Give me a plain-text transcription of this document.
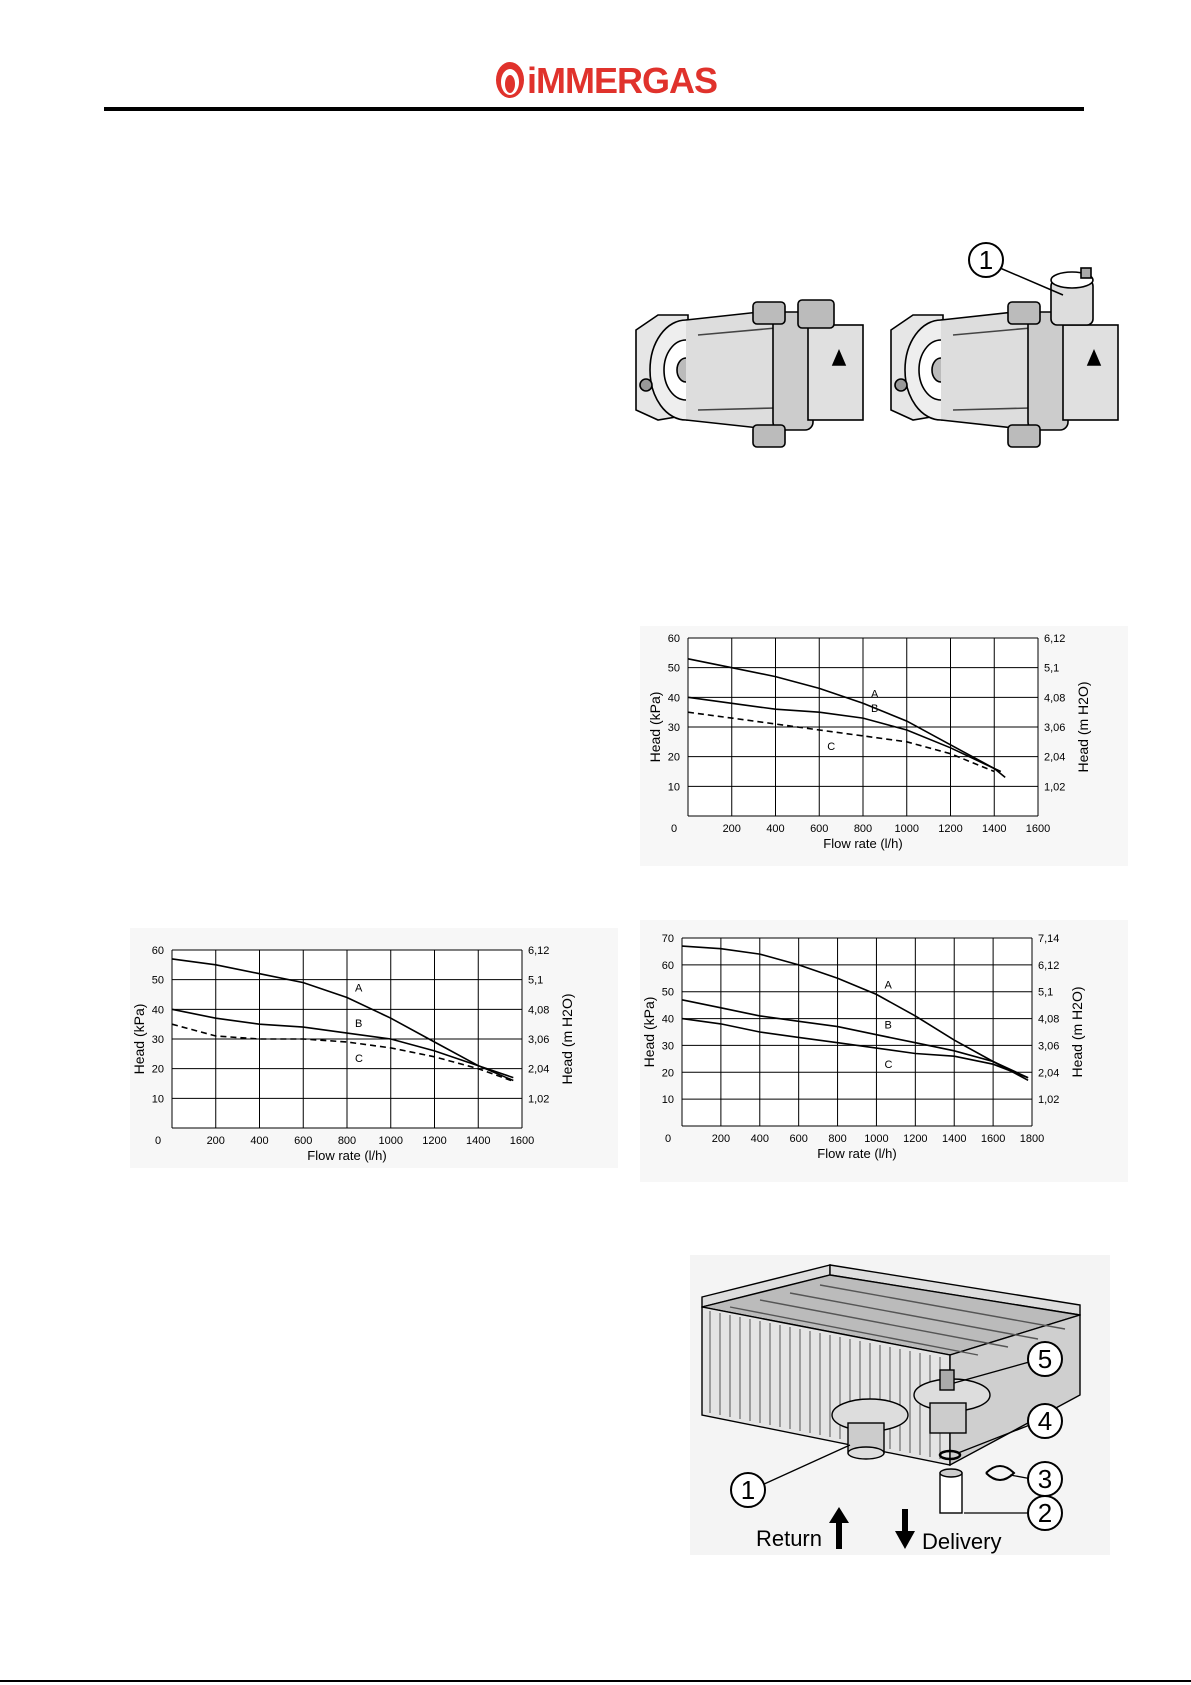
iMMERGAS
1
0	200 400 600 800 1000 1200 1400 1600
60	6,12
50	5,1
40	4,08
30	3,06
20	2,04
10	1,02
Flow rate (l/h)
Head (kPa)	Head (m H2O)
A
B
C
0	200 400 600 800 1000 1200 1400 1600
60	6,12
50	5,1
40	4,08
30	3,06
20	2,04
10	1,02
Flow rate (l/h)
Head (kPa)	Head (m H2O)
A
B
C
0	200 400 600 800 1000 1200 1400 1600 1800
70	7,14
60	6,12
50	5,1
40	4,08
30	3,06
20	2,04
10	1,02
Flow rate (l/h)
Head (kPa)	Head (m H2O)
A
B
C
1
2
3
4
5
Return	Delivery
